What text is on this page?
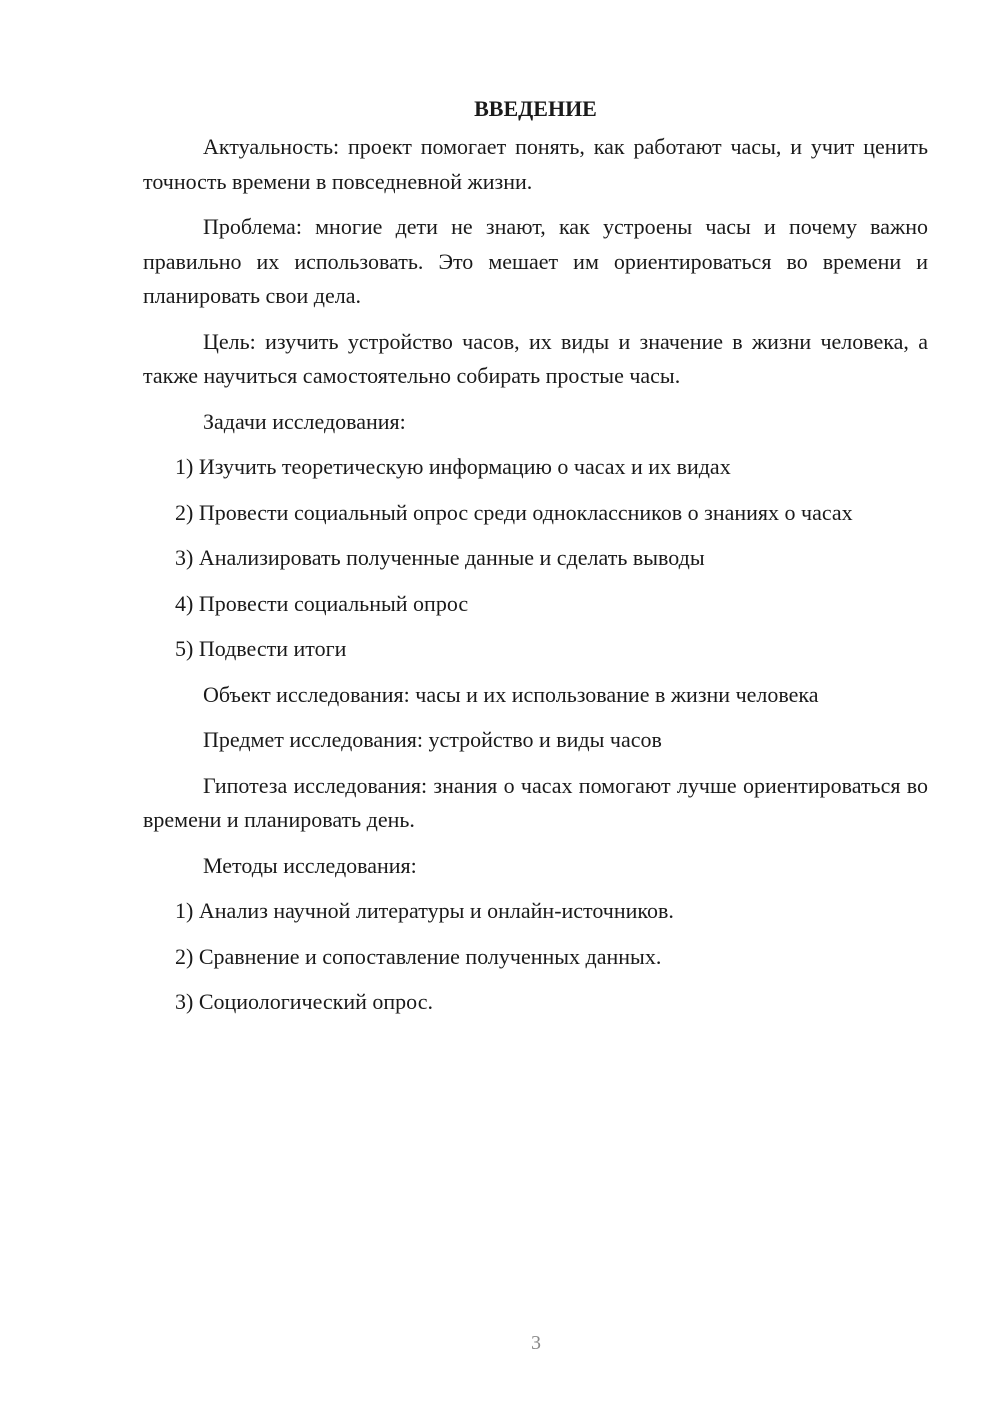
ВВЕДЕНИЕ

Актуальность: проект помогает понять, как работают часы, и учит ценить точность времени в повседневной жизни.

Проблема: многие дети не знают, как устроены часы и почему важно правильно их использовать. Это мешает им ориентироваться во времени и планировать свои дела.

Цель: изучить устройство часов, их виды и значение в жизни человека, а также научиться самостоятельно собирать простые часы.

Задачи исследования:

1) Изучить теоретическую информацию о часах и их видах

2) Провести социальный опрос среди одноклассников о знаниях о часах

3) Анализировать полученные данные и сделать выводы

4) Провести социальный опрос

5) Подвести итоги

Объект исследования: часы и их использование в жизни человека

Предмет исследования: устройство и виды часов

Гипотеза исследования: знания о часах помогают лучше ориентироваться во времени и планировать день.

Методы исследования:

1) Анализ научной литературы и онлайн-источников.

2) Сравнение и сопоставление полученных данных.

3) Социологический опрос.

3
